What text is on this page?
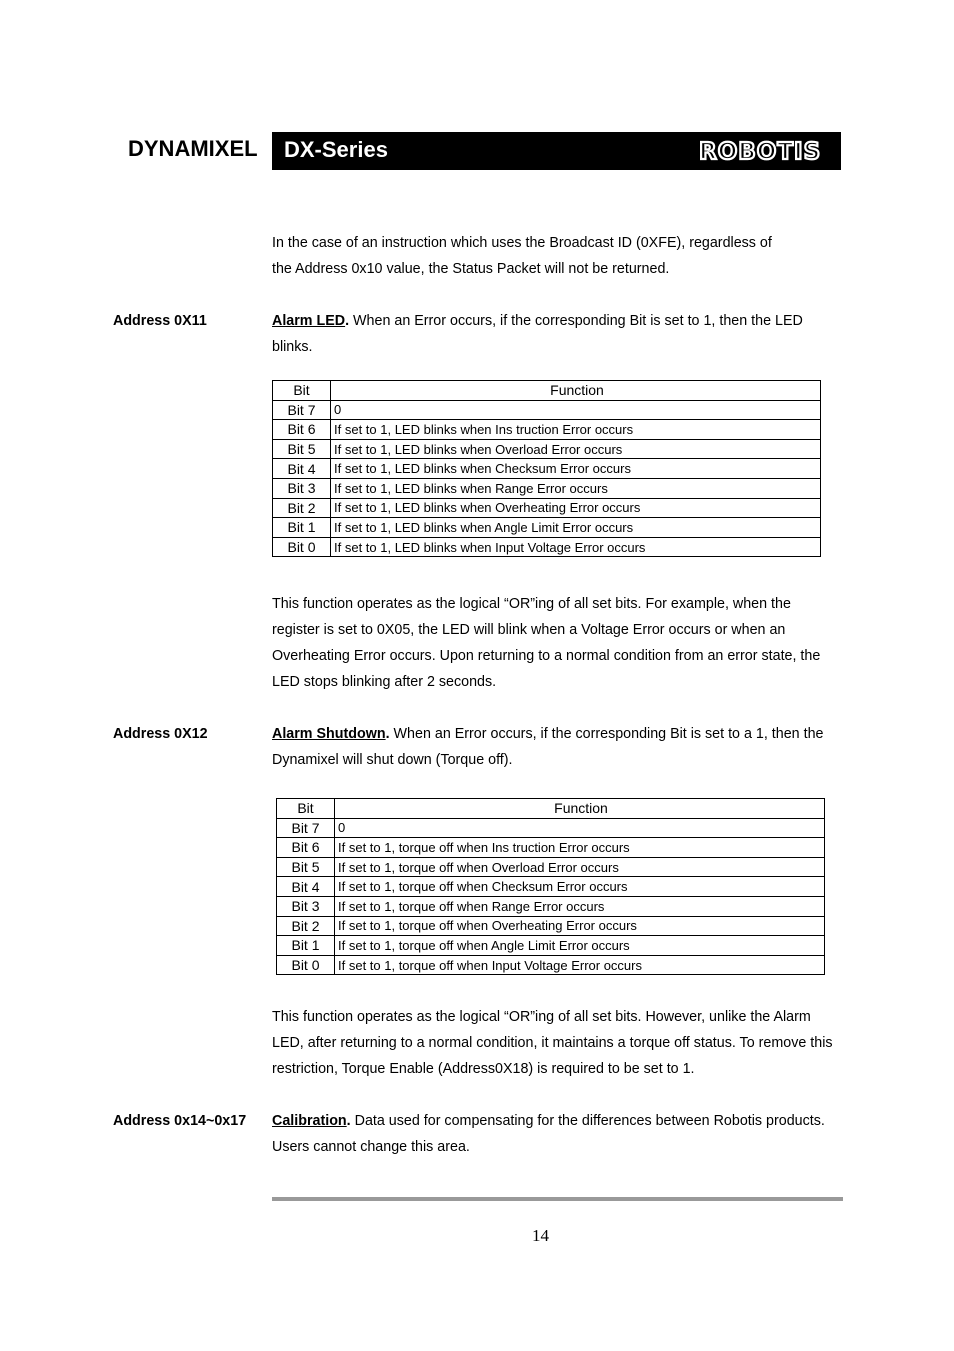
DYNAMIXEL	ROBOTIS
DX-Series
In the case of an instruction which uses the Broadcast ID (0XFE), regardless of
the Address 0x10 value, the Status Packet will not be returned.
Address 0X11	Alarm LED. When an Error occurs, if the corresponding Bit is set to 1, then the LED
blinks.
Bit	Function
Bit 7	0
Bit 6	If set to 1, LED blinks when Ins truction Error occurs
Bit 5	If set to 1, LED blinks when Overload Error occurs
Bit 4	If set to 1, LED blinks when Checksum Error occurs
Bit 3	If set to 1, LED blinks when Range Error occurs
Bit 2	If set to 1, LED blinks when Overheating Error occurs
Bit 1	If set to 1, LED blinks when Angle Limit Error occurs
Bit 0	If set to 1, LED blinks when Input Voltage Error occurs
This function operates as the logical “OR”ing of all set bits. For example, when the
register is set to 0X05, the LED will blink when a Voltage Error occurs or when an
Overheating Error occurs. Upon returning to a normal condition from an error state, the
LED stops blinking after 2 seconds.
Address 0X12	Alarm Shutdown. When an Error occurs, if the corresponding Bit is set to a 1, then the
Dynamixel will shut down (Torque off).
Bit	Function
Bit 7	0
Bit 6	If set to 1, torque off when Ins truction Error occurs
Bit 5	If set to 1, torque off when Overload Error occurs
Bit 4	If set to 1, torque off when Checksum Error occurs
Bit 3	If set to 1, torque off when Range Error occurs
Bit 2	If set to 1, torque off when Overheating Error occurs
Bit 1	If set to 1, torque off when Angle Limit Error occurs
Bit 0	If set to 1, torque off when Input Voltage Error occurs
This function operates as the logical “OR”ing of all set bits. However, unlike the Alarm
LED, after returning to a normal condition, it maintains a torque off status. To remove this
restriction, Torque Enable (Address0X18) is required to be set to 1.
Address 0x14~0x17 Calibration. Data used for compensating for the differences between Robotis products.
Users cannot change this area.
14
